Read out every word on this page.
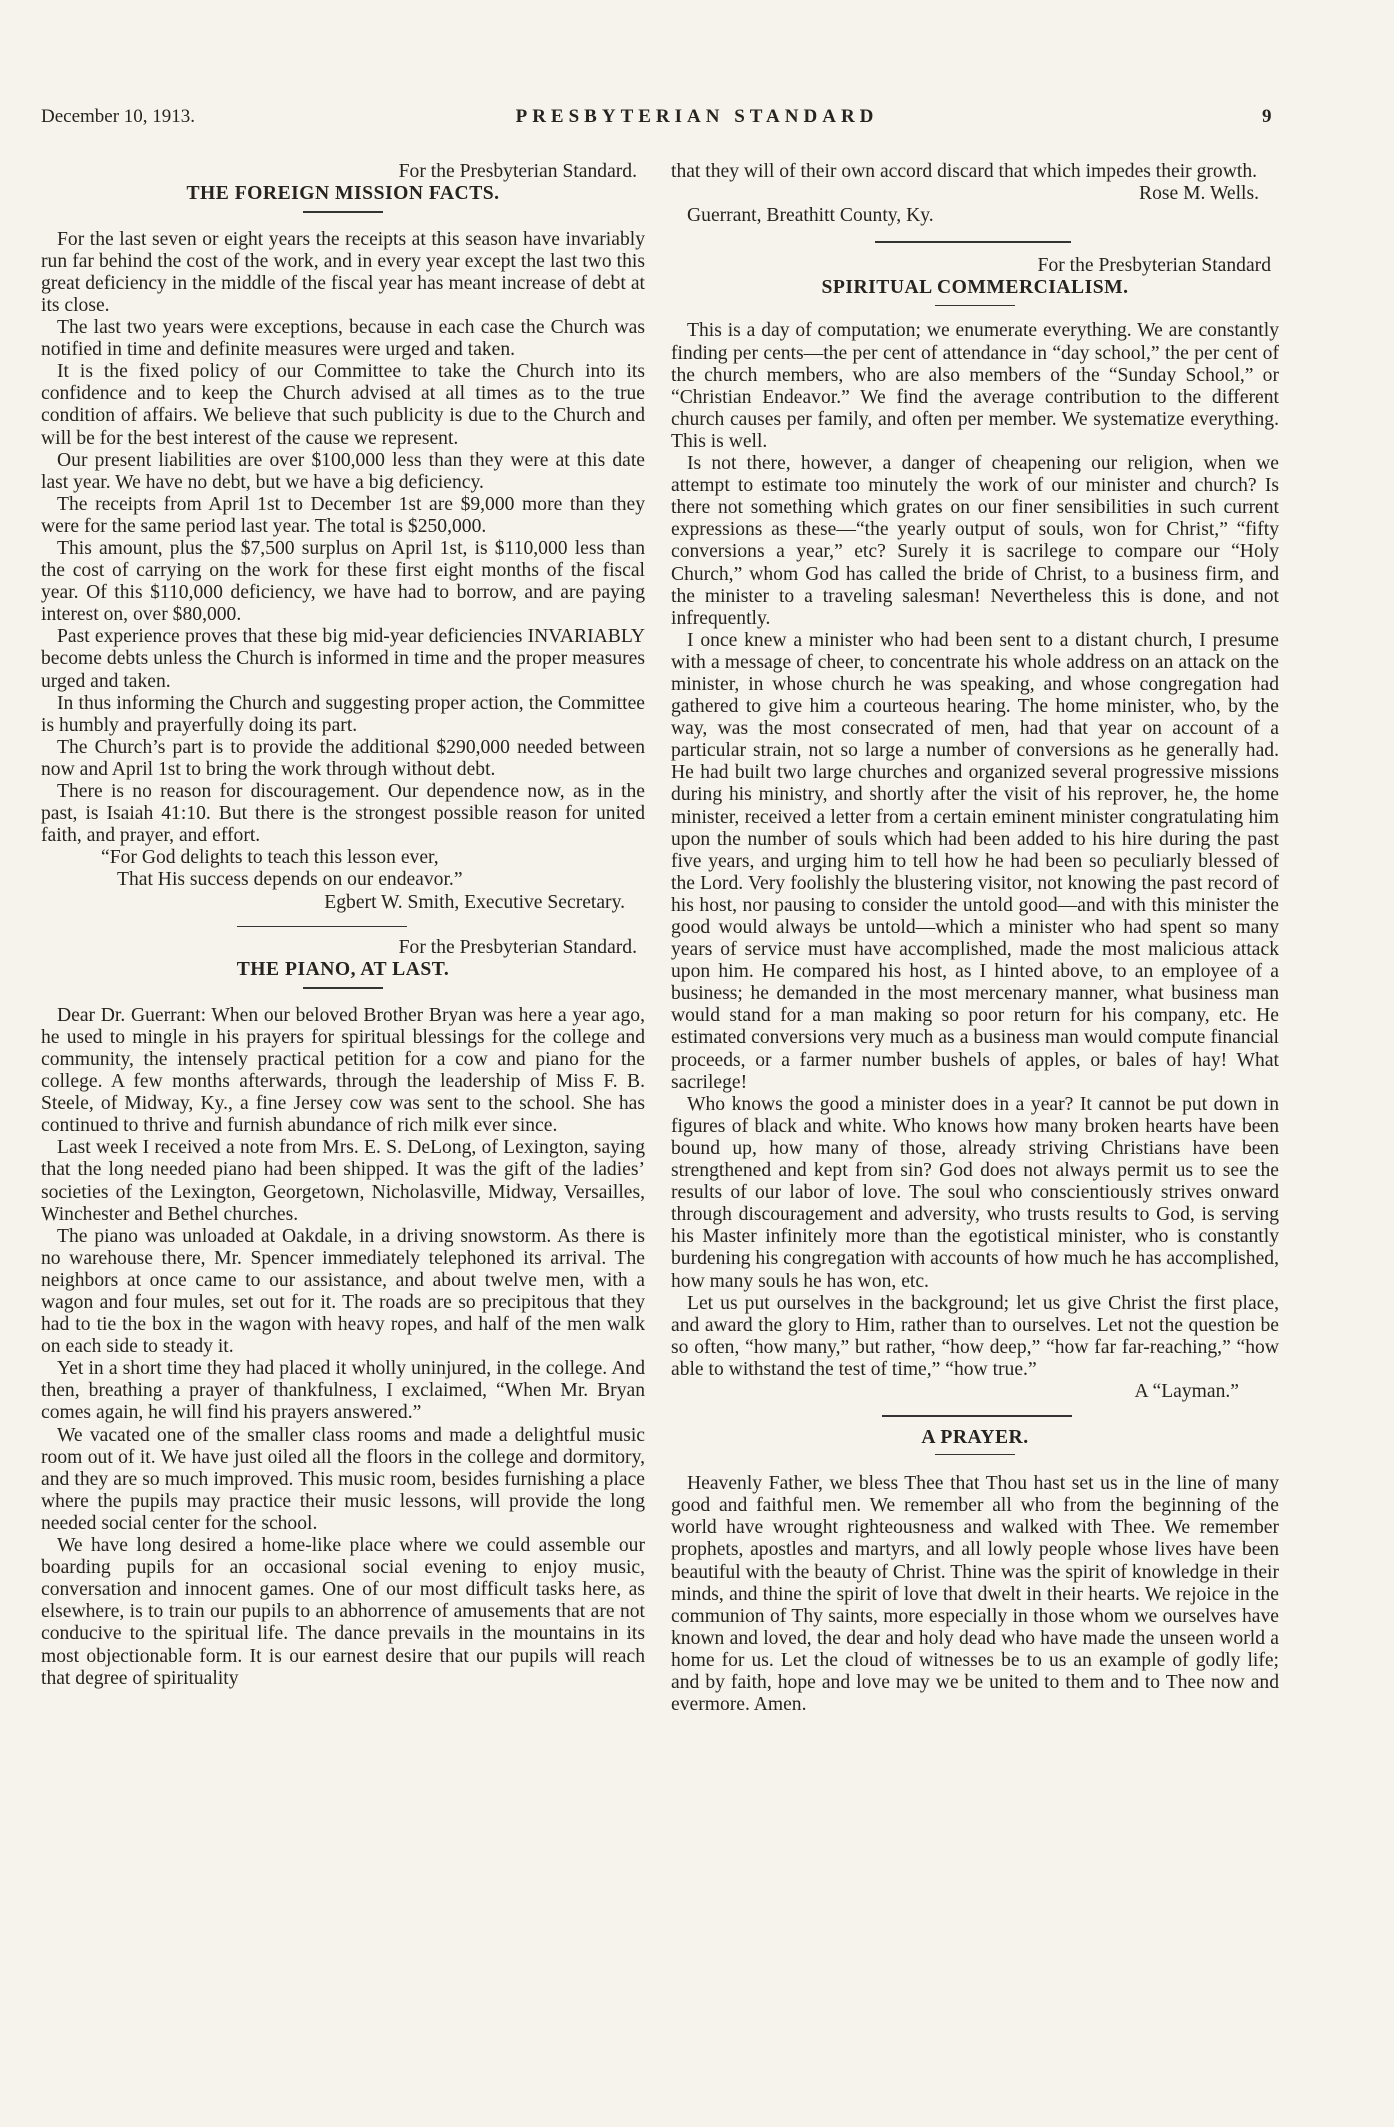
December 10, 1913.	PRESBYTERIAN STANDARD	9
For the Presbyterian Standard.
THE FOREIGN MISSION FACTS.

For the last seven or eight years the receipts at this season have invariably run far behind the cost of the work, and in every year except the last two this great deficiency in the middle of the fiscal year has meant increase of debt at its close.

The last two years were exceptions, because in each case the Church was notified in time and definite measures were urged and taken.

It is the fixed policy of our Committee to take the Church into its confidence and to keep the Church advised at all times as to the true condition of affairs. We believe that such publicity is due to the Church and will be for the best interest of the cause we represent.

Our present liabilities are over $100,000 less than they were at this date last year. We have no debt, but we have a big deficiency.

The receipts from April 1st to December 1st are $9,000 more than they were for the same period last year. The total is $250,000.

This amount, plus the $7,500 surplus on April 1st, is $110,000 less than the cost of carrying on the work for these first eight months of the fiscal year. Of this $110,000 deficiency, we have had to borrow, and are paying interest on, over $80,000.

Past experience proves that these big mid-year deficiencies INVARIABLY become debts unless the Church is informed in time and the proper measures urged and taken.

In thus informing the Church and suggesting proper action, the Committee is humbly and prayerfully doing its part.

The Church’s part is to provide the additional $290,000 needed between now and April 1st to bring the work through without debt.

There is no reason for discouragement. Our dependence now, as in the past, is Isaiah 41:10. But there is the strongest possible reason for united faith, and prayer, and effort.

“For God delights to teach this lesson ever,

That His success depends on our endeavor.”

Egbert W. Smith, Executive Secretary.

For the Presbyterian Standard.
THE PIANO, AT LAST.

Dear Dr. Guerrant: When our beloved Brother Bryan was here a year ago, he used to mingle in his prayers for spiritual blessings for the college and community, the intensely practical petition for a cow and piano for the college. A few months afterwards, through the leadership of Miss F. B. Steele, of Midway, Ky., a fine Jersey cow was sent to the school. She has continued to thrive and furnish abundance of rich milk ever since.

Last week I received a note from Mrs. E. S. DeLong, of Lexington, saying that the long needed piano had been shipped. It was the gift of the ladies’ societies of the Lexington, Georgetown, Nicholasville, Midway, Versailles, Winchester and Bethel churches.

The piano was unloaded at Oakdale, in a driving snowstorm. As there is no warehouse there, Mr. Spencer immediately telephoned its arrival. The neighbors at once came to our assistance, and about twelve men, with a wagon and four mules, set out for it. The roads are so precipitous that they had to tie the box in the wagon with heavy ropes, and half of the men walk on each side to steady it.

Yet in a short time they had placed it wholly uninjured, in the college. And then, breathing a prayer of thankfulness, I exclaimed, “When Mr. Bryan comes again, he will find his prayers answered.”

We vacated one of the smaller class rooms and made a delightful music room out of it. We have just oiled all the floors in the college and dormitory, and they are so much improved. This music room, besides furnishing a place where the pupils may practice their music lessons, will provide the long needed social center for the school.

We have long desired a home-like place where we could assemble our boarding pupils for an occasional social evening to enjoy music, conversation and innocent games. One of our most difficult tasks here, as elsewhere, is to train our pupils to an abhorrence of amusements that are not conducive to the spiritual life. The dance prevails in the mountains in its most objectionable form. It is our earnest desire that our pupils will reach that degree of spirituality

that they will of their own accord discard that which impedes their growth.

Rose M. Wells.

Guerrant, Breathitt County, Ky.

For the Presbyterian Standard
SPIRITUAL COMMERCIALISM.

This is a day of computation; we enumerate everything. We are constantly finding per cents—the per cent of attendance in “day school,” the per cent of the church members, who are also members of the “Sunday School,” or “Christian Endeavor.” We find the average contribution to the different church causes per family, and often per member. We systematize everything. This is well.

Is not there, however, a danger of cheapening our religion, when we attempt to estimate too minutely the work of our minister and church? Is there not something which grates on our finer sensibilities in such current expressions as these—“the yearly output of souls, won for Christ,” “fifty conversions a year,” etc? Surely it is sacrilege to compare our “Holy Church,” whom God has called the bride of Christ, to a business firm, and the minister to a traveling salesman! Nevertheless this is done, and not infrequently.

I once knew a minister who had been sent to a distant church, I presume with a message of cheer, to concentrate his whole address on an attack on the minister, in whose church he was speaking, and whose congregation had gathered to give him a courteous hearing. The home minister, who, by the way, was the most consecrated of men, had that year on account of a particular strain, not so large a number of conversions as he generally had. He had built two large churches and organized several progressive missions during his ministry, and shortly after the visit of his reprover, he, the home minister, received a letter from a certain eminent minister congratulating him upon the number of souls which had been added to his hire during the past five years, and urging him to tell how he had been so peculiarly blessed of the Lord. Very foolishly the blustering visitor, not knowing the past record of his host, nor pausing to consider the untold good—and with this minister the good would always be untold—which a minister who had spent so many years of service must have accomplished, made the most malicious attack upon him. He compared his host, as I hinted above, to an employee of a business; he demanded in the most mercenary manner, what business man would stand for a man making so poor return for his company, etc. He estimated conversions very much as a business man would compute financial proceeds, or a farmer number bushels of apples, or bales of hay! What sacrilege!

Who knows the good a minister does in a year? It cannot be put down in figures of black and white. Who knows how many broken hearts have been bound up, how many of those, already striving Christians have been strengthened and kept from sin? God does not always permit us to see the results of our labor of love. The soul who conscientiously strives onward through discouragement and adversity, who trusts results to God, is serving his Master infinitely more than the egotistical minister, who is constantly burdening his congregation with accounts of how much he has accomplished, how many souls he has won, etc.

Let us put ourselves in the background; let us give Christ the first place, and award the glory to Him, rather than to ourselves. Let not the question be so often, “how many,” but rather, “how deep,” “how far far-reaching,” “how able to withstand the test of time,” “how true.”

A “Layman.”

A PRAYER.

Heavenly Father, we bless Thee that Thou hast set us in the line of many good and faithful men. We remember all who from the beginning of the world have wrought righteousness and walked with Thee. We remember prophets, apostles and martyrs, and all lowly people whose lives have been beautiful with the beauty of Christ. Thine was the spirit of knowledge in their minds, and thine the spirit of love that dwelt in their hearts. We rejoice in the communion of Thy saints, more especially in those whom we ourselves have known and loved, the dear and holy dead who have made the unseen world a home for us. Let the cloud of witnesses be to us an example of godly life; and by faith, hope and love may we be united to them and to Thee now and evermore. Amen.
